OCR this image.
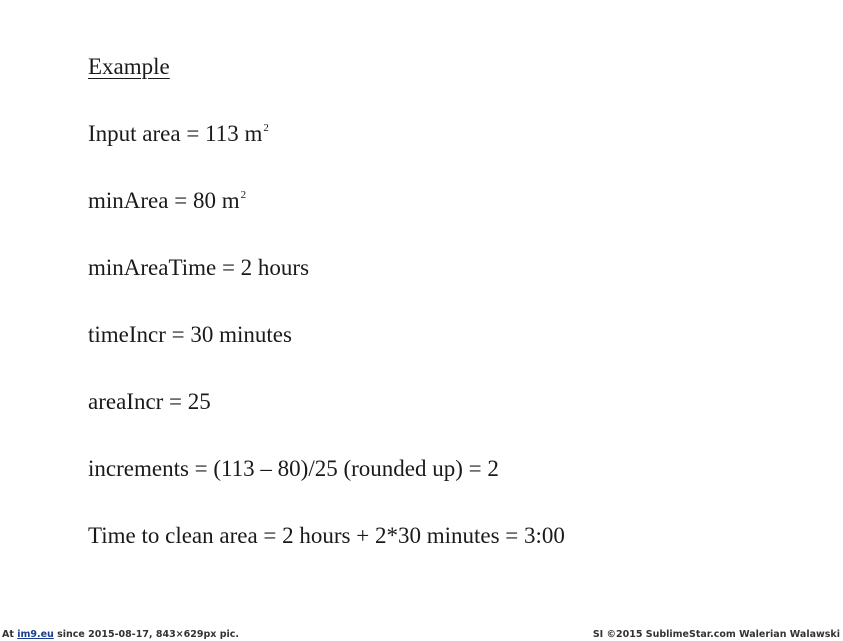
Example
Input area = 113 $m^2$
minArea = 80 $m^2$
minAreaTime = 2 hours
timeIncr = 30 minutes
areaIncr = 25
increments = (113 – 80)/25 (rounded up) = 2
Time to clean area = 2 hours + 2*30 minutes = 3:00
At im9.eu since 2015-08-17, 843×629px pic.	SI ©2015 SublimeStar.com Walerian Walawski
